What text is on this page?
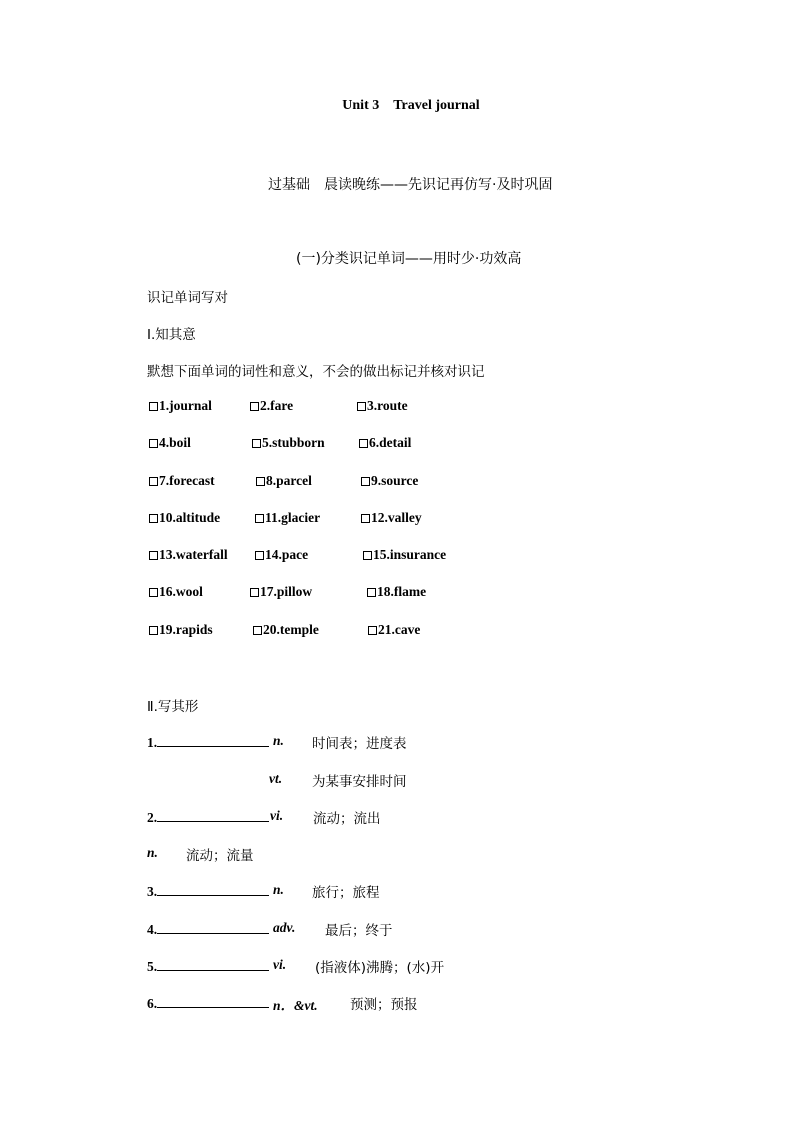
Unit 3 Travel journal
过基础　晨读晚练——先识记再仿写·及时巩固
(一)分类识记单词——用时少·功效高
识记单词写对
Ⅰ.知其意
默想下面单词的词性和意义，不会的做出标记并核对识记
1.journal	2.fare	3.route
4.boil	5.stubborn	6.detail
7.forecast	8.parcel	9.source
10.altitude	11.glacier	12.valley
13.waterfall	14.pace	15.insurance
16.wool	17.pillow	18.flame
19.rapids	20.temple	21.cave
Ⅱ.写其形
1.	n. 时间表；进度表
vt. 为某事安排时间
2.	vi. 流动；流出
n. 流动；流量
3.	n. 旅行；旅程
4.	adv. 最后；终于
5.	vi. (指液体)沸腾；(水)开
6.	n．&vt. 预测；预报
